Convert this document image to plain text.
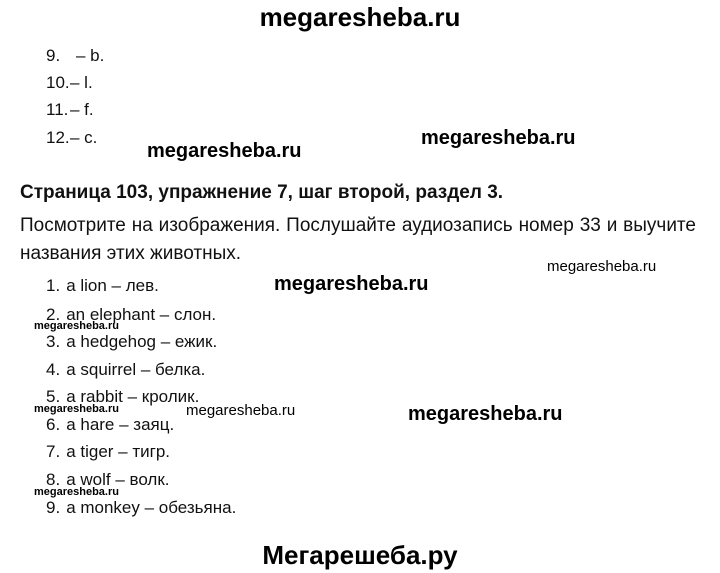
megaresheba.ru
9. – b.
10.– l.
11.– f.
12.– c.
megaresheba.ru
megaresheba.ru
Страница 103, упражнение 7, шаг второй, раздел 3.
Посмотрите на изображения. Послушайте аудиозапись номер 33 и выучите названия этих животных.
megaresheba.ru
megaresheba.ru
1. a lion – лев.
2. an elephant – слон.
megaresheba.ru
3. a hedgehog – ежик.
4. a squirrel – белка.
5. a rabbit – кролик.
megaresheba.ru	megaresheba.ru	megaresheba.ru
6. a hare – заяц.
7. a tiger – тигр.
8. a wolf – волк.
megaresheba.ru
9. a monkey – обезьяна.
Мегарешеба.ру
